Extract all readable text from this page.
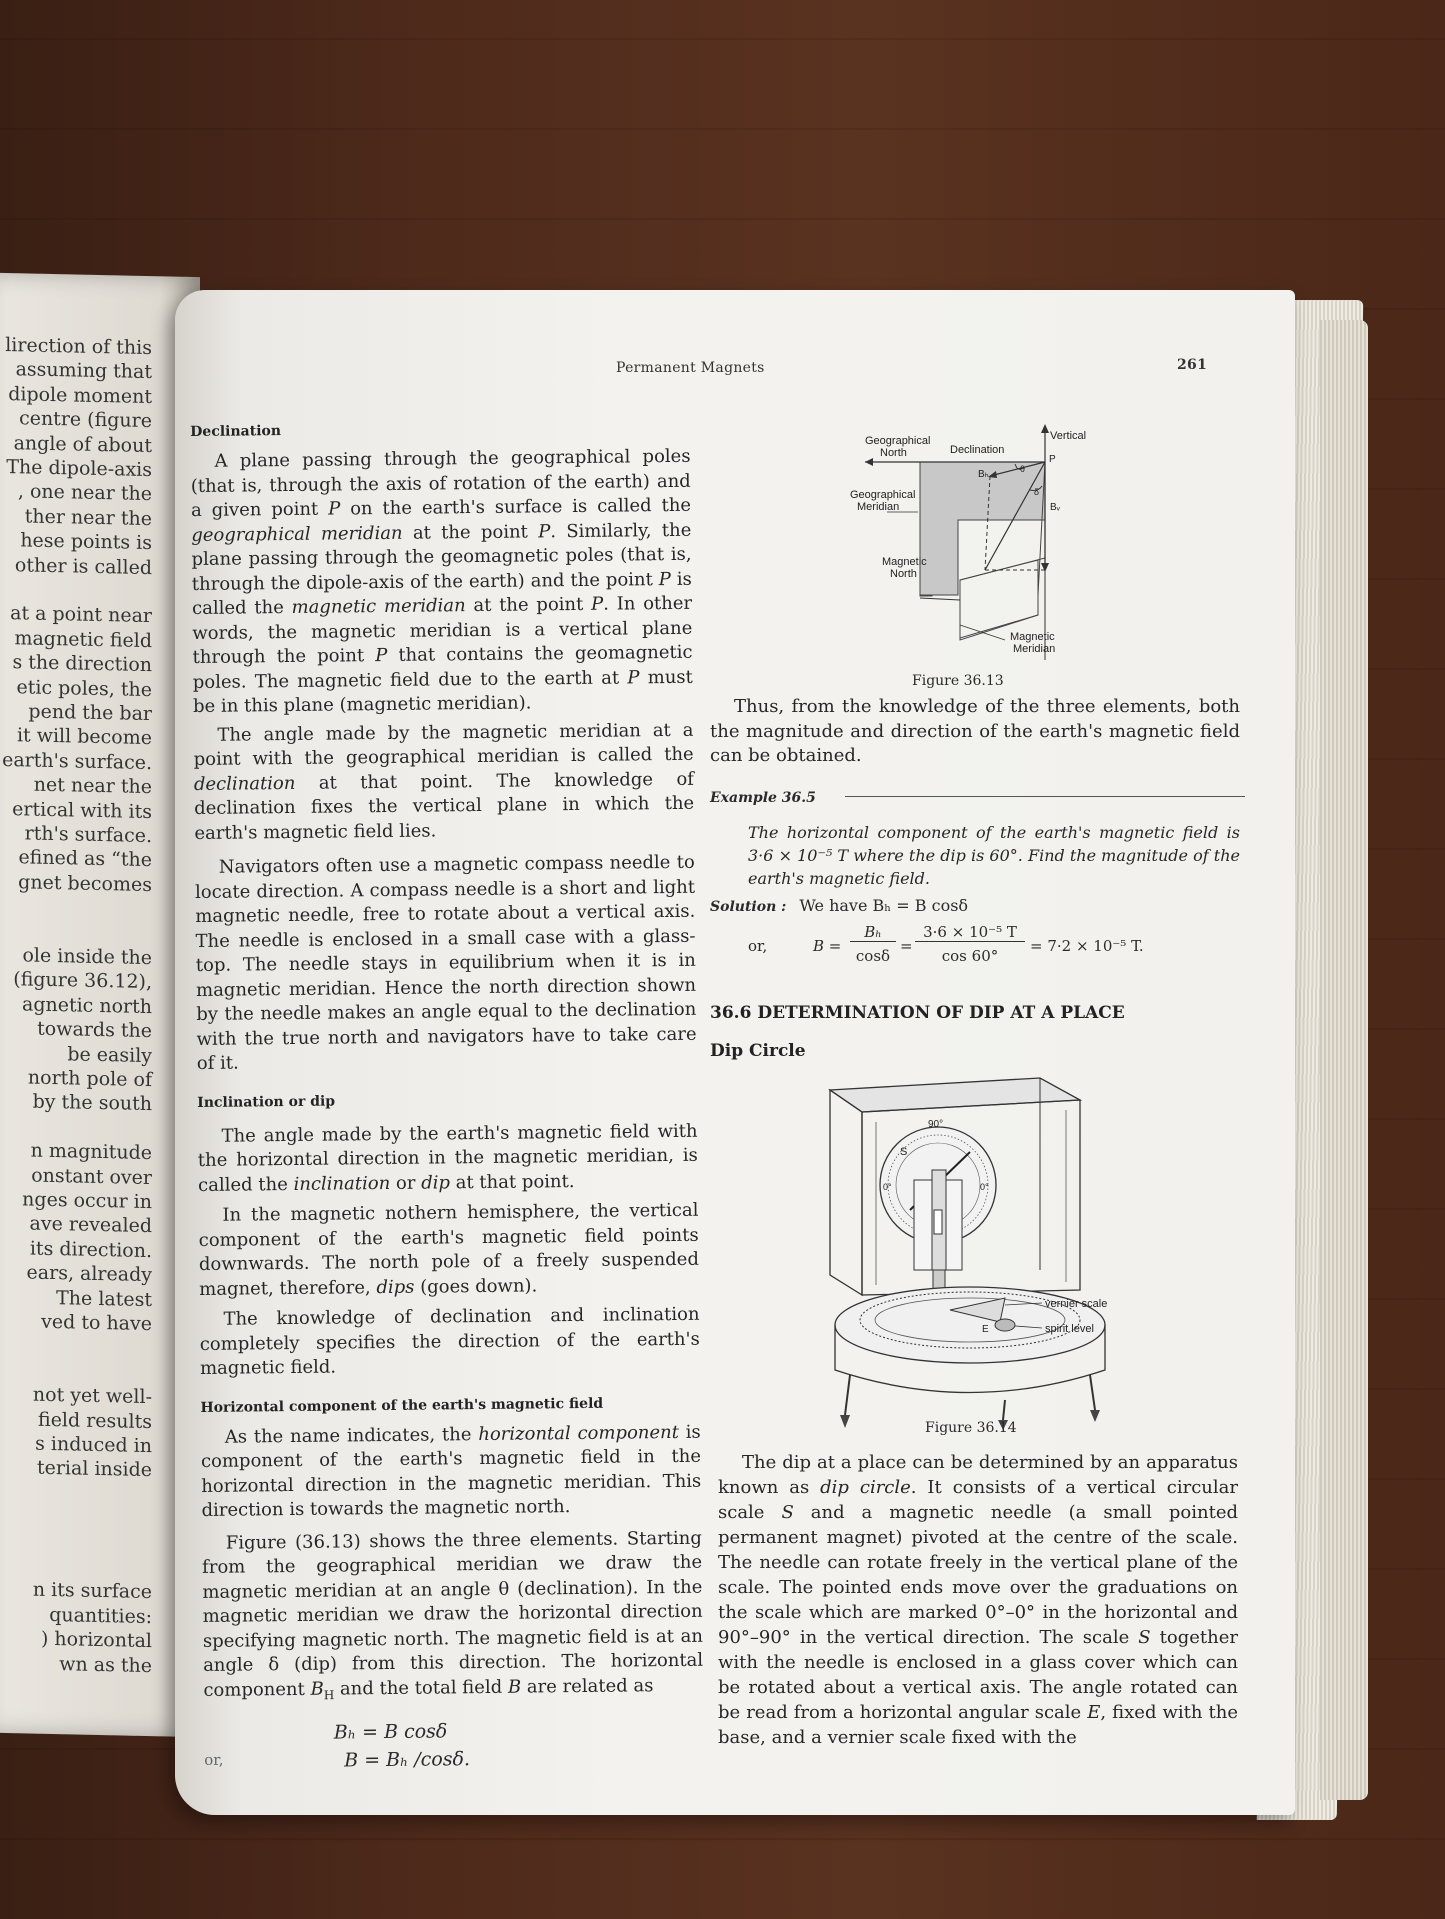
lirection of this
assuming that
dipole moment
centre (figure
angle of about
The dipole-axis
, one near the
ther near the
hese points is
other is called
at a point near
magnetic field
s the direction
etic poles, the
pend the bar
it will become
earth's surface.
net near the
ertical with its
rth's surface.
efined as “the
gnet becomes
ole inside the
(figure 36.12),
agnetic north
towards the
be easily
north pole of
by the south
n magnitude
onstant over
nges occur in
ave revealed
its direction.
ears, already
The latest
ved to have
not yet well-
field results
s induced in
terial inside
n its surface
quantities:
) horizontal
wn as the
Permanent Magnets	261
Declination

A plane passing through the geographical poles (that is, through the axis of rotation of the earth) and a given point P on the earth's surface is called the geographical meridian at the point P. Similarly, the plane passing through the geomagnetic poles (that is, through the dipole-axis of the earth) and the point P is called the magnetic meridian at the point P. In other words, the magnetic meridian is a vertical plane through the point P that contains the geomagnetic poles. The magnetic field due to the earth at P must be in this plane (magnetic meridian).

The angle made by the magnetic meridian at a point with the geographical meridian is called the declination at that point. The knowledge of declination fixes the vertical plane in which the earth's magnetic field lies.

Navigators often use a magnetic compass needle to locate direction. A compass needle is a short and light magnetic needle, free to rotate about a vertical axis. The needle is enclosed in a small case with a glass-top. The needle stays in equilibrium when it is in magnetic meridian. Hence the north direction shown by the needle makes an angle equal to the declination with the true north and navigators have to take care of it.

Inclination or dip

The angle made by the earth's magnetic field with the horizontal direction in the magnetic meridian, is called the inclination or dip at that point.

In the magnetic nothern hemisphere, the vertical component of the earth's magnetic field points downwards. The north pole of a freely suspended magnet, therefore, dips (goes down).

The knowledge of declination and inclination completely specifies the direction of the earth's magnetic field.

Horizontal component of the earth's magnetic field

As the name indicates, the horizontal component is component of the earth's magnetic field in the horizontal direction in the magnetic meridian. This direction is towards the magnetic north.

Figure (36.13) shows the three elements. Starting from the geographical meridian we draw the magnetic meridian at an angle θ (declination). In the magnetic meridian we draw the horizontal direction specifying magnetic north. The magnetic field is at an angle δ (dip) from this direction. The horizontal component $B_H$ and the total field B are related as

Bₕ = B cosδ
or,	B = Bₕ /cosδ.
Geographical
North	Declination
Vertical
P
Geographical
Meridian
Bₕ	θ
δ
Bᵥ
Magnetic
North
Magnetic
Meridian
Figure 36.13

Thus, from the knowledge of the three elements, both the magnitude and direction of the earth's magnetic field can be obtained.

Example 36.5

The horizontal component of the earth's magnetic field is 3·6 × 10⁻⁵ T where the dip is 60°. Find the magnitude of the earth's magnetic field.

Solution : We have Bₕ = B cosδ
or,	B =
Bₕ
cosδ
=
3·6 × 10⁻⁵ T
cos 60°
= 7·2 × 10⁻⁵ T.
36.6 DETERMINATION OF DIP AT A PLACE
Dip Circle
90°
S
0°	0°
E
vernier scale
spirit level
Figure 36.14

The dip at a place can be determined by an apparatus known as dip circle. It consists of a vertical circular scale S and a magnetic needle (a small pointed permanent magnet) pivoted at the centre of the scale. The needle can rotate freely in the vertical plane of the scale. The pointed ends move over the graduations on the scale which are marked 0°–0° in the horizontal and 90°–90° in the vertical direction. The scale S together with the needle is enclosed in a glass cover which can be rotated about a vertical axis. The angle rotated can be read from a horizontal angular scale E, fixed with the base, and a vernier scale fixed with the
